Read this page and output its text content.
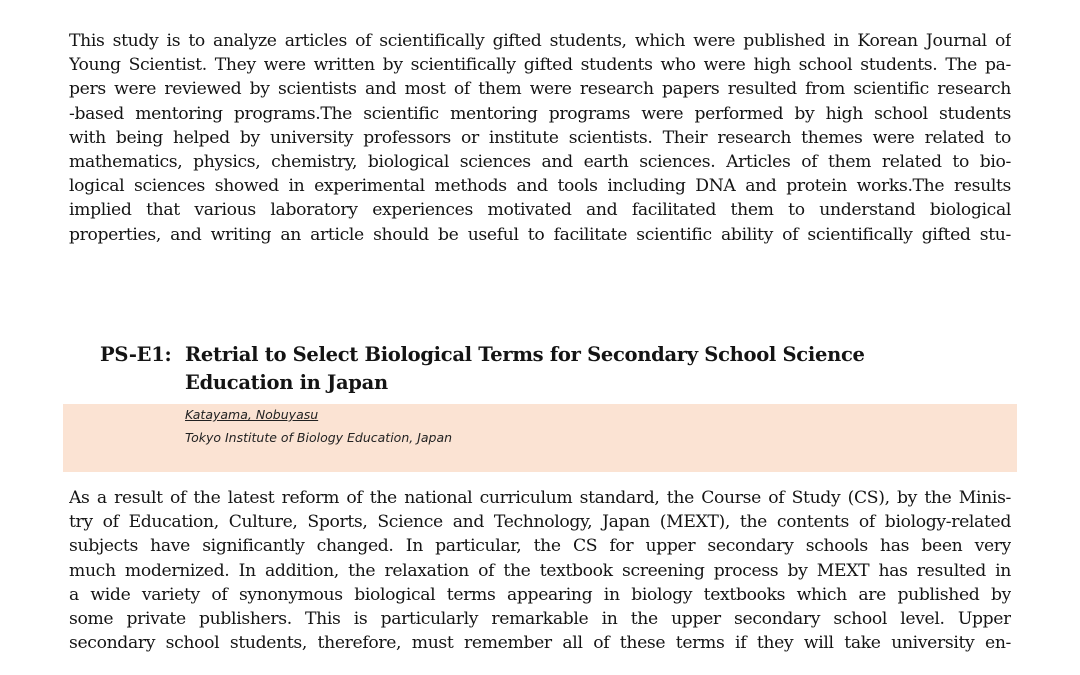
This study is to analyze articles of scientifically gifted students, which were published in Korean Journal of
Young Scientist. They were written by scientifically gifted students who were high school students. The pa-
pers were reviewed by scientists and most of them were research papers resulted from scientific research
-based mentoring programs.The scientific mentoring programs were performed by high school students
with being helped by university professors or institute scientists. Their research themes were related to
mathematics, physics, chemistry, biological sciences and earth sciences. Articles of them related to bio-
logical sciences showed in experimental methods and tools including DNA and protein works.The results
implied that various laboratory experiences motivated and facilitated them to understand biological
properties, and writing an article should be useful to facilitate scientific ability of scientifically gifted stu-
PS-E1: Retrial to Select Biological Terms for Secondary School Science
Education in Japan
Katayama, Nobuyasu
Tokyo Institute of Biology Education, Japan
As a result of the latest reform of the national curriculum standard, the Course of Study (CS), by the Minis-
try of Education, Culture, Sports, Science and Technology, Japan (MEXT), the contents of biology-related
subjects have significantly changed. In particular, the CS for upper secondary schools has been very
much modernized. In addition, the relaxation of the textbook screening process by MEXT has resulted in
a wide variety of synonymous biological terms appearing in biology textbooks which are published by
some private publishers. This is particularly remarkable in the upper secondary school level. Upper
secondary school students, therefore, must remember all of these terms if they will take university en-
